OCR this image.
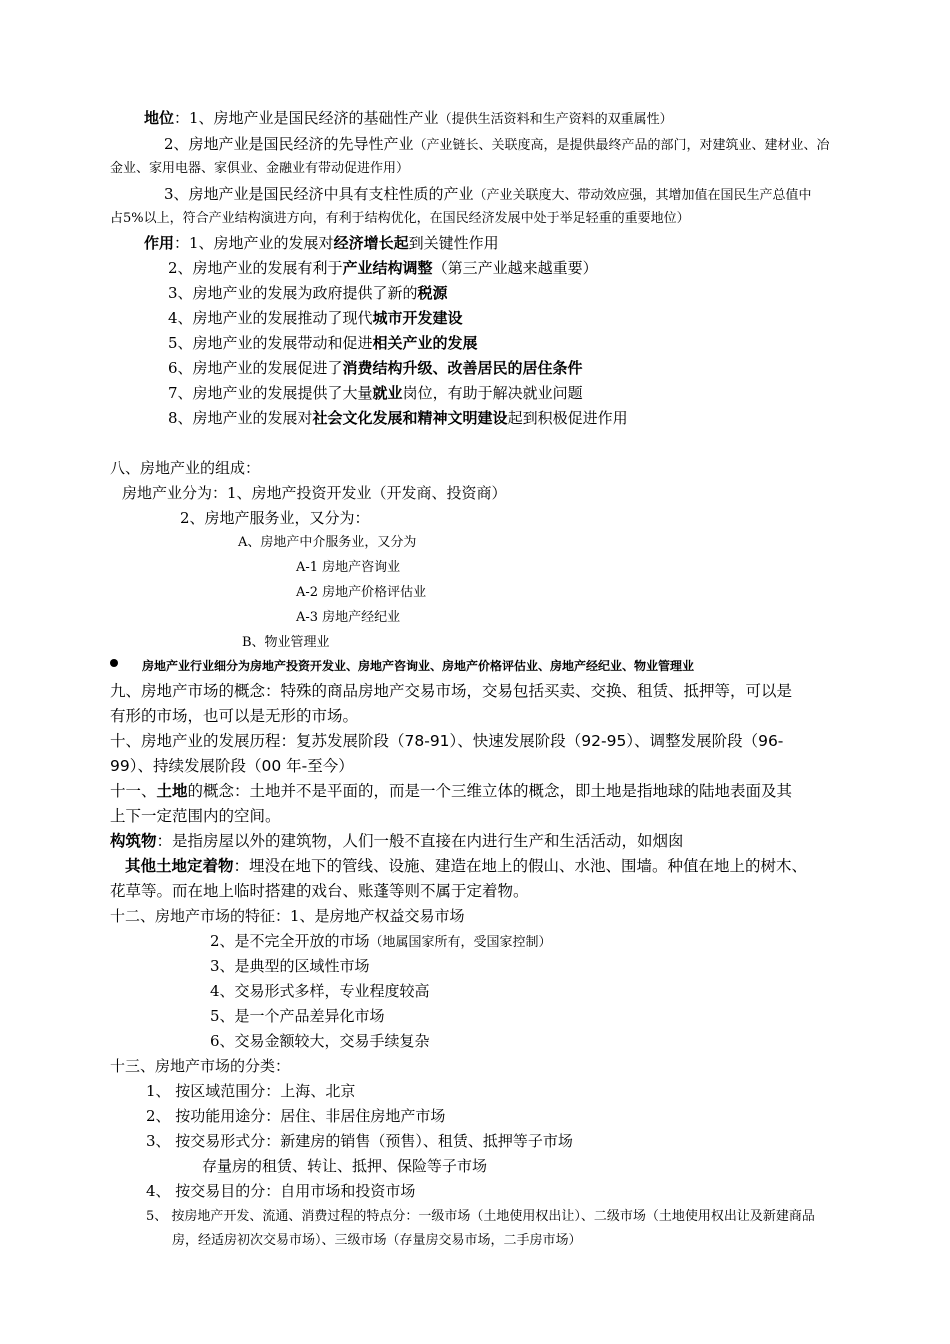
地位：1、房地产业是国民经济的基础性产业（提供生活资料和生产资料的双重属性）
2、房地产业是国民经济的先导性产业（产业链长、关联度高，是提供最终产品的部门，对建筑业、建材业、冶
金业、家用电器、家俱业、金融业有带动促进作用）
3、房地产业是国民经济中具有支柱性质的产业（产业关联度大、带动效应强，其增加值在国民生产总值中
占5%以上，符合产业结构演进方向，有利于结构优化，在国民经济发展中处于举足轻重的重要地位）
作用：1、房地产业的发展对经济增长起到关键性作用
2、房地产业的发展有利于产业结构调整（第三产业越来越重要）
3、房地产业的发展为政府提供了新的税源
4、房地产业的发展推动了现代城市开发建设
5、房地产业的发展带动和促进相关产业的发展
6、房地产业的发展促进了消费结构升级、改善居民的居住条件
7、房地产业的发展提供了大量就业岗位，有助于解决就业问题
8、房地产业的发展对社会文化发展和精神文明建设起到积极促进作用
八、房地产业的组成：
房地产业分为：1、房地产投资开发业（开发商、投资商）
2、房地产服务业，又分为：
A、房地产中介服务业，又分为
A-1 房地产咨询业
A-2 房地产价格评估业
A-3 房地产经纪业
B、物业管理业
房地产业行业细分为房地产投资开发业、房地产咨询业、房地产价格评估业、房地产经纪业、物业管理业
九、房地产市场的概念：特殊的商品房地产交易市场，交易包括买卖、交换、租赁、抵押等，可以是
有形的市场，也可以是无形的市场。
十、房地产业的发展历程：复苏发展阶段（78-91）、快速发展阶段（92-95）、调整发展阶段（96-
99）、持续发展阶段（00 年-至今）
十一、土地的概念：土地并不是平面的，而是一个三维立体的概念，即土地是指地球的陆地表面及其
上下一定范围内的空间。
构筑物：是指房屋以外的建筑物，人们一般不直接在内进行生产和生活活动，如烟囱
其他土地定着物：埋没在地下的管线、设施、建造在地上的假山、水池、围墙。种值在地上的树木、
花草等。而在地上临时搭建的戏台、账蓬等则不属于定着物。
十二、房地产市场的特征：1、是房地产权益交易市场
2、是不完全开放的市场（地属国家所有，受国家控制）
3、是典型的区域性市场
4、交易形式多样，专业程度较高
5、是一个产品差异化市场
6、交易金额较大，交易手续复杂
十三、房地产市场的分类：
1、 按区域范围分：上海、北京
2、 按功能用途分：居住、非居住房地产市场
3、 按交易形式分：新建房的销售（预售）、租赁、抵押等子市场
存量房的租赁、转让、抵押、保险等子市场
4、 按交易目的分：自用市场和投资市场
5、 按房地产开发、流通、消费过程的特点分：一级市场（土地使用权出让）、二级市场（土地使用权出让及新建商品
房，经适房初次交易市场）、三级市场（存量房交易市场，二手房市场）
